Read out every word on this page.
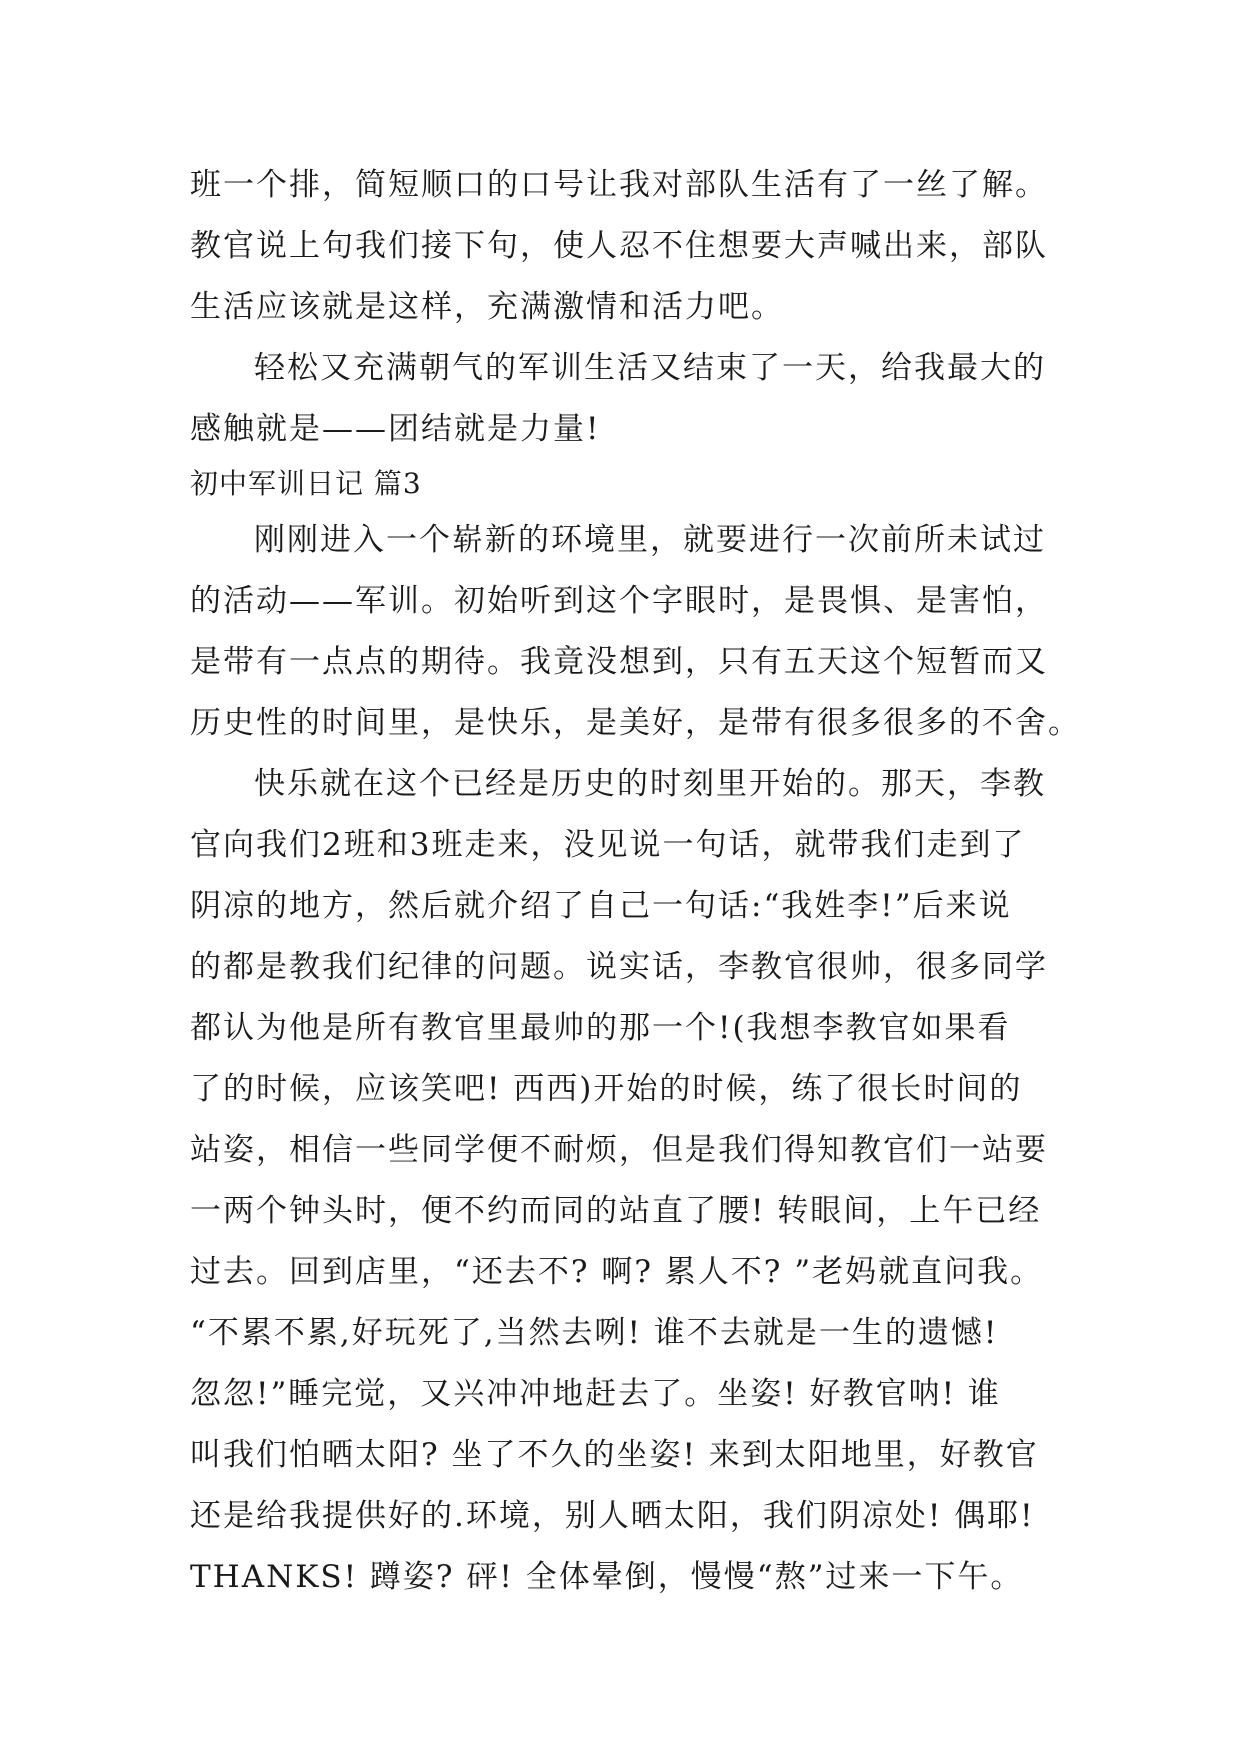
班一个排，简短顺口的口号让我对部队生活有了一丝了解。
教官说上句我们接下句，使人忍不住想要大声喊出来，部队
生活应该就是这样，充满激情和活力吧。
轻松又充满朝气的军训生活又结束了一天，给我最大的
感触就是——团结就是力量!
初中军训日记 篇3
刚刚进入一个崭新的环境里，就要进行一次前所未试过
的活动——军训。初始听到这个字眼时，是畏惧、是害怕，
是带有一点点的期待。我竟没想到，只有五天这个短暂而又
历史性的时间里，是快乐，是美好，是带有很多很多的不舍。
快乐就在这个已经是历史的时刻里开始的。那天，李教
官向我们2班和3班走来，没见说一句话，就带我们走到了
阴凉的地方，然后就介绍了自己一句话:“我姓李!”后来说
的都是教我们纪律的问题。说实话，李教官很帅，很多同学
都认为他是所有教官里最帅的那一个!(我想李教官如果看
了的时候，应该笑吧! 西西)开始的时候，练了很长时间的
站姿，相信一些同学便不耐烦，但是我们得知教官们一站要
一两个钟头时，便不约而同的站直了腰! 转眼间，上午已经
过去。回到店里，“还去不? 啊? 累人不? ”老妈就直问我。
“不累不累,好玩死了,当然去咧! 谁不去就是一生的遗憾!
忽忽!”睡完觉，又兴冲冲地赶去了。坐姿! 好教官呐! 谁
叫我们怕晒太阳? 坐了不久的坐姿! 来到太阳地里，好教官
还是给我提供好的.环境，别人晒太阳，我们阴凉处! 偶耶!
THANKS! 蹲姿? 砰! 全体晕倒，慢慢“熬”过来一下午。
